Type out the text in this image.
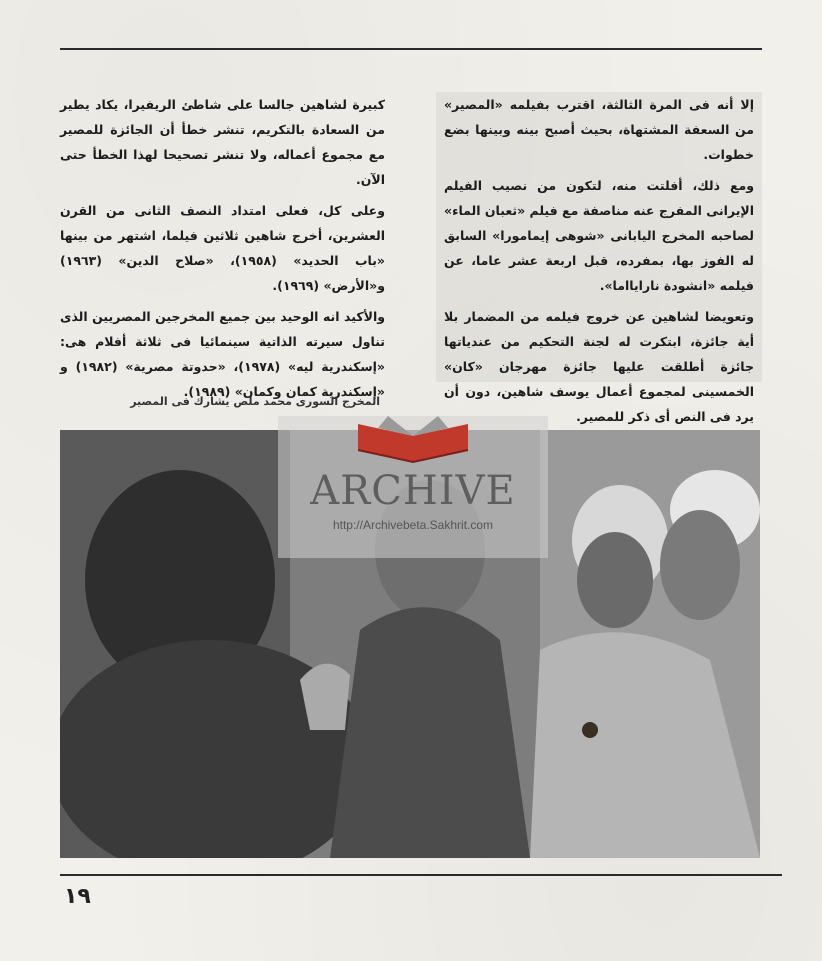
إلا أنه فى المرة الثالثة، اقترب بفيلمه «المصير» من السعفة المشتهاة، بحيث أصبح بينه وبينها بضع خطوات.

ومع ذلك، أفلتت منه، لتكون من نصيب الفيلم الإيرانى المفرج عنه مناصفة مع فيلم «ثعبان الماء» لصاحبه المخرج اليابانى «شوهى إيمامورا» السابق له الفوز بها، بمفرده، قبل اربعة عشر عاما، عن فيلمه «انشودة نارايااما».

وتعويضا لشاهين عن خروج فيلمه من المضمار بلا أية جائزة، ابتكرت له لجنة التحكيم من عندياتها جائزة أطلقت عليها جائزة مهرجان «كان» الخمسينى لمجموع أعمال يوسف شاهين، دون أن يرد فى النص أى ذكر للمصير.

كبيرة لشاهين جالسا على شاطئ الريفيرا، يكاد يطير من السعادة بالتكريم، تنشر خطأ أن الجائزة للمصير مع مجموع أعماله، ولا تنشر تصحيحا لهذا الخطأ حتى الآن.

وعلى كل، فعلى امتداد النصف الثانى من القرن العشرين، أخرج شاهين ثلاثين فيلما، اشتهر من بينها «باب الحديد» (١٩٥٨)، «صلاح الدين» (١٩٦٣) و«الأرض» (١٩٦٩).

والأكيد انه الوحيد بين جميع المخرجين المصريين الذى تناول سيرته الذاتية سينمائيا فى ثلاثة أفلام هى: «إسكندرية ليه» (١٩٧٨)، «حدوتة مصرية» (١٩٨٢) و «إسكندرية كمان وكمان» (١٩٨٩).

المخرج السورى محمد ملص يشارك فى المصير
ARCHIVE
http://Archivebeta.Sakhrit.com
١٩
